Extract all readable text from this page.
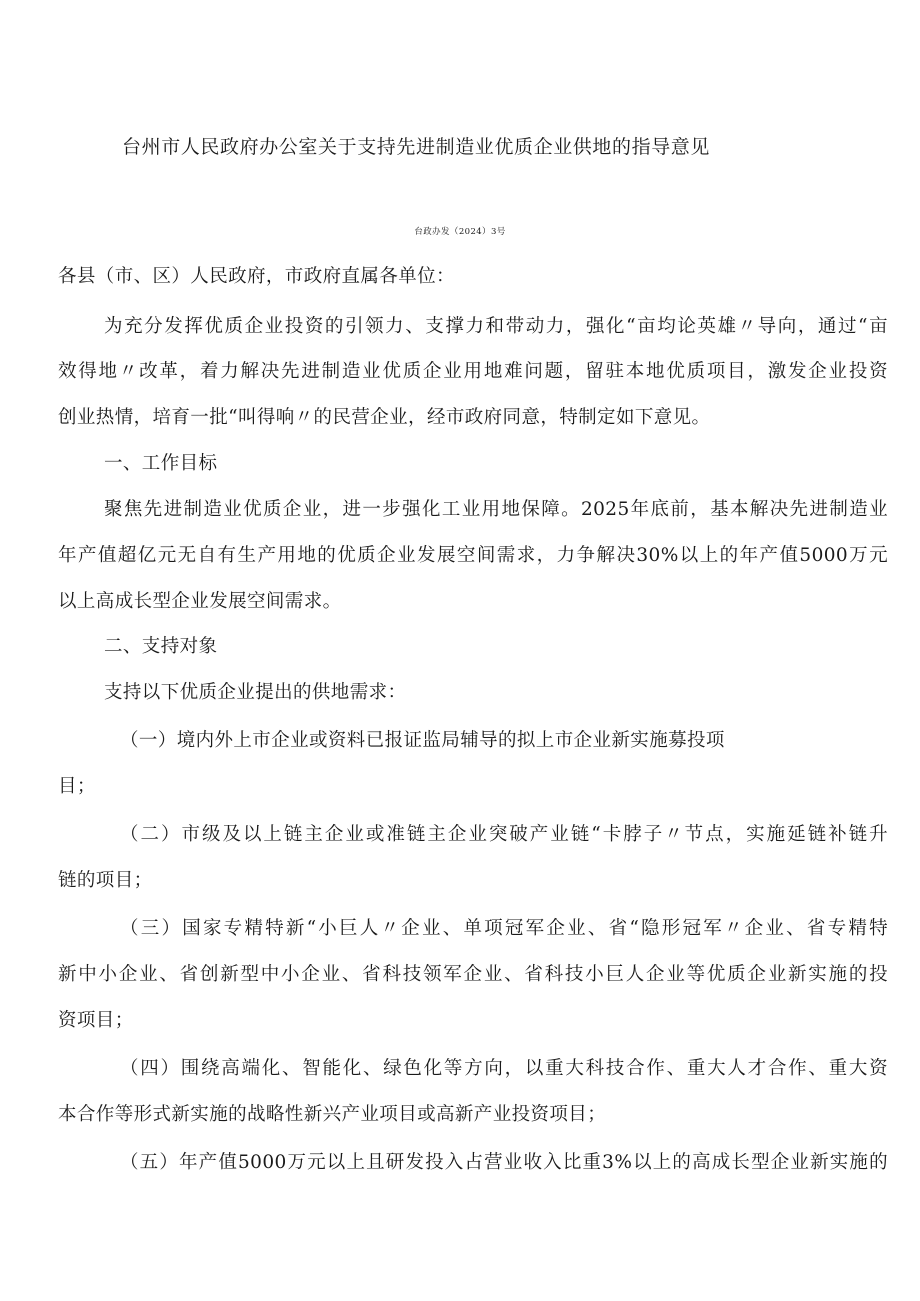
台州市人民政府办公室关于支持先进制造业优质企业供地的指导意见
台政办发（2024）3号
各县（市、区）人民政府，市政府直属各单位：
为充分发挥优质企业投资的引领力、支撑力和带动力，强化“亩均论英雄〃导向，通过“亩
效得地〃改革，着力解决先进制造业优质企业用地难问题，留驻本地优质项目，激发企业投资
创业热情，培育一批“叫得响〃的民营企业，经市政府同意，特制定如下意见。
一、工作目标
聚焦先进制造业优质企业，进一步强化工业用地保障。2025年底前，基本解决先进制造业
年产值超亿元无自有生产用地的优质企业发展空间需求，力争解决30%以上的年产值5000万元
以上高成长型企业发展空间需求。
二、支持对象
支持以下优质企业提出的供地需求：
（一）境内外上市企业或资料已报证监局辅导的拟上市企业新实施募投项
目；
（二）市级及以上链主企业或准链主企业突破产业链“卡脖子〃节点，实施延链补链升
链的项目；
（三）国家专精特新“小巨人〃企业、单项冠军企业、省“隐形冠军〃企业、省专精特
新中小企业、省创新型中小企业、省科技领军企业、省科技小巨人企业等优质企业新实施的投
资项目；
（四）围绕高端化、智能化、绿色化等方向，以重大科技合作、重大人才合作、重大资
本合作等形式新实施的战略性新兴产业项目或高新产业投资项目；
（五）年产值5000万元以上且研发投入占营业收入比重3%以上的高成长型企业新实施的
